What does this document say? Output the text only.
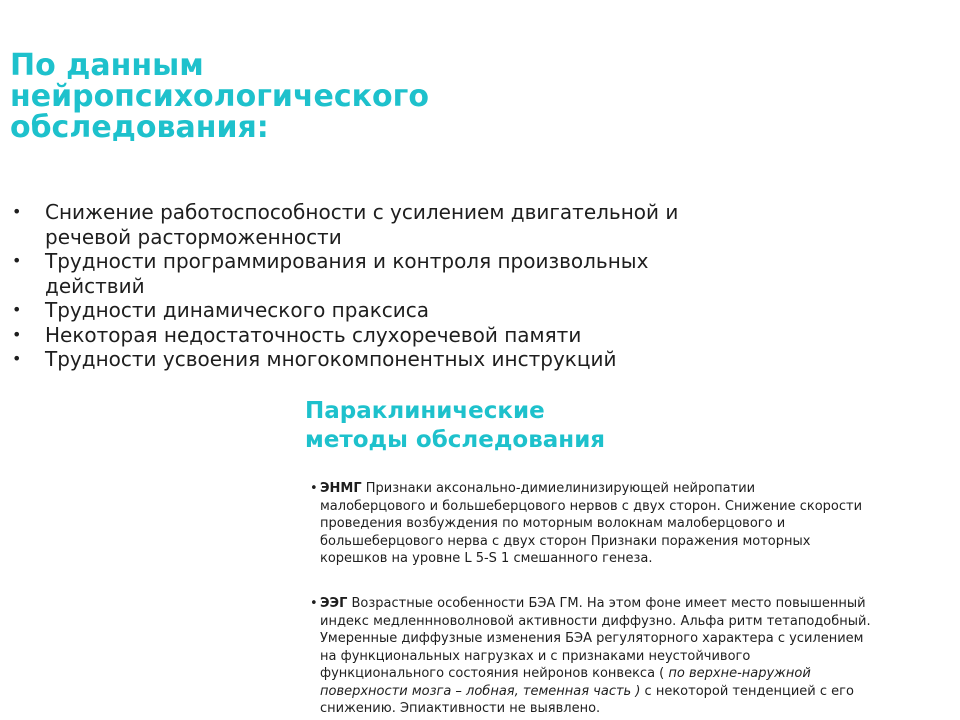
По данным
нейропсихологического
обследования:
• Снижение работоспособности с усилением двигательной и
речевой расторможенности
• Трудности программирования и контроля произвольных
действий
• Трудности динамического праксиса
• Некоторая недостаточность слухоречевой памяти
• Трудности усвоения многокомпонентных инструкций
Параклинические
методы обследования

• ЭНМГ Признаки аксонально-димиелинизирующей нейропатии
малоберцового и большеберцового нервов с двух сторон. Снижение скорости
проведения возбуждения по моторным волокнам малоберцового и
большеберцового нерва с двух сторон Признаки поражения моторных
корешков на уровне L 5-S 1 смешанного генеза.

• ЭЭГ Возрастные особенности БЭА ГМ. На этом фоне имеет место повышенный
индекс медленнноволновой активности диффузно. Альфа ритм тетаподобный.
Умеренные диффузные изменения БЭА регуляторного характера с усилением
на функциональных нагрузках и с признаками неустойчивого
функционального состояния нейронов конвекса ( по верхне-наружной
поверхности мозга – лобная, теменная часть ) с некоторой тенденцией с его
снижению. Эпиактивности не выявлено.
